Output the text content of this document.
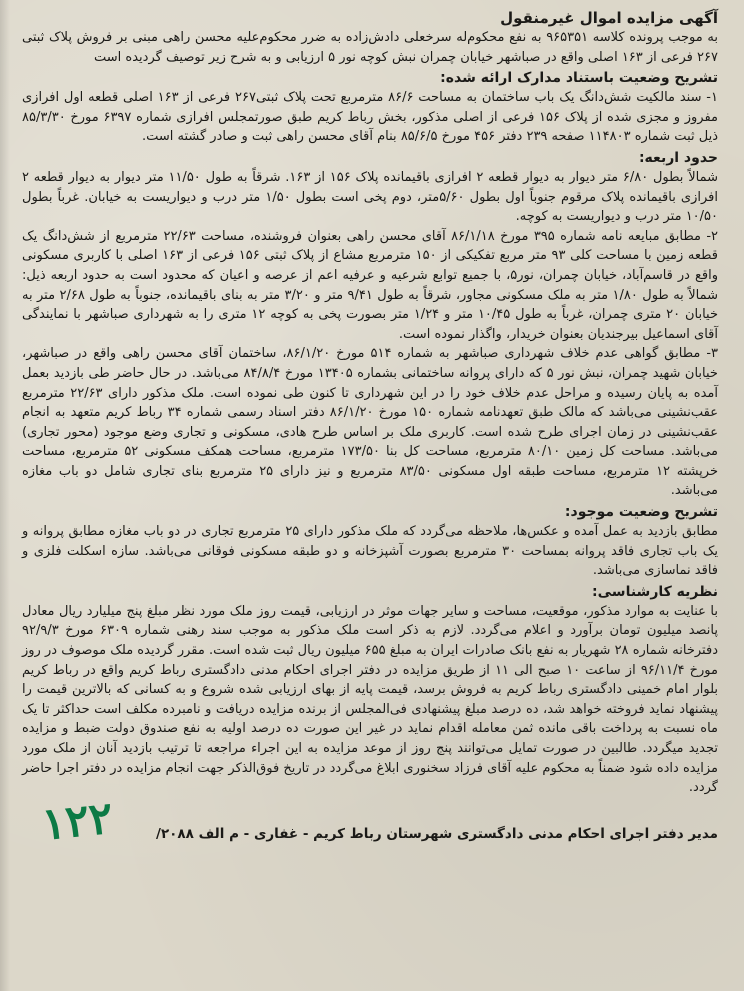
آگهی مزایده اموال غیرمنقول

به موجب پرونده کلاسه ۹۶۵۳۵۱ به نفع محکوم‌له سرخعلی دادش‌زاده به ضرر محکوم‌علیه محسن راهی مبنی بر فروش پلاک ثبتی ۲۶۷ فرعی از ۱۶۳ اصلی واقع در صباشهر خیابان چمران نبش کوچه نور ۵ ارزیابی و به شرح زیر توصیف گردیده است

تشریح وضعیت باستناد مدارک ارائه شده:

۱- سند مالکیت شش‌دانگ یک باب ساختمان به مساحت ۸۶/۶ مترمربع تحت پلاک ثبتی۲۶۷ فرعی از ۱۶۳ اصلی قطعه اول افرازی مفروز و مجزی شده از پلاک ۱۵۶ فرعی از اصلی مذکور، بخش رباط کریم طبق صورتمجلس افرازی شماره ۶۳۹۷ مورخ ۸۵/۳/۳۰ ذیل ثبت شماره ۱۱۴۸۰۳ صفحه ۲۳۹ دفتر ۴۵۶ مورخ ۸۵/۶/۵ بنام آقای محسن راهی ثبت و صادر گشته است.

حدود اربعه:

شمالاً بطول ۶/۸۰ متر دیوار به دیوار قطعه ۲ افرازی باقیمانده پلاک ۱۵۶ از ۱۶۳. شرقاً به طول ۱۱/۵۰ متر دیوار به دیوار قطعه ۲ افرازی باقیمانده پلاک مرقوم جنوباً اول بطول ۵/۶۰متر، دوم پخی است بطول ۱/۵۰ متر درب و دیواریست به خیابان. غرباً بطول ۱۰/۵۰ متر درب و دیواریست به کوچه.

۲- مطابق مبایعه نامه شماره ۳۹۵ مورخ ۸۶/۱/۱۸ آقای محسن راهی بعنوان فروشنده، مساحت ۲۲/۶۳ مترمربع از شش‌دانگ یک قطعه زمین با مساحت کلی ۹۳ متر مربع تفکیکی از ۱۵۰ مترمربع مشاع از پلاک ثبتی ۱۵۶ فرعی از ۱۶۳ اصلی با کاربری مسکونی واقع در قاسم‌آباد، خیابان چمران، نور۵، با جمیع توابع شرعیه و عرفیه اعم از عرصه و اعیان که محدود است به حدود اربعه ذیل: شمالاً به طول ۱/۸۰ متر به ملک مسکونی مجاور، شرقاً به طول ۹/۴۱ متر و ۳/۲۰ متر به بنای باقیمانده، جنوباً به طول ۲/۶۸ متر به خیابان ۲۰ متری چمران، غرباً به طول ۱۰/۴۵ متر و ۱/۲۴ متر بصورت پخی به کوچه ۱۲ متری را به شهرداری صباشهر با نمایندگی آقای اسماعیل بیرجندیان بعنوان خریدار، واگذار نموده است.

۳- مطابق گواهی عدم خلاف شهرداری صباشهر به شماره ۵۱۴ مورخ ۸۶/۱/۲۰، ساختمان آقای محسن راهی واقع در صباشهر، خیابان شهید چمران، نبش نور ۵ که دارای پروانه ساختمانی بشماره ۱۳۴۰۵ مورخ ۸۴/۸/۴ می‌باشد. در حال حاضر طی بازدید بعمل آمده به پایان رسیده و مراحل عدم خلاف خود را در این شهرداری تا کنون طی نموده است. ملک مذکور دارای ۲۲/۶۳ مترمربع عقب‌نشینی می‌باشد که مالک طبق تعهدنامه شماره ۱۵۰ مورخ ۸۶/۱/۲۰ دفتر اسناد رسمی شماره ۳۴ رباط کریم متعهد به انجام عقب‌نشینی در زمان اجرای طرح شده است. کاربری ملک بر اساس طرح هادی، مسکونی و تجاری وضع موجود (محور تجاری) می‌باشد. مساحت کل زمین ۸۰/۱۰ مترمربع، مساحت کل بنا ۱۷۳/۵۰ مترمربع، مساحت همکف مسکونی ۵۲ مترمربع، مساحت خرپشته ۱۲ مترمربع، مساحت طبقه اول مسکونی ۸۳/۵۰ مترمربع و نیز دارای ۲۵ مترمربع بنای تجاری شامل دو باب مغازه می‌باشد.

تشریح وضعیت موجود:

مطابق بازدید به عمل آمده و عکس‌ها، ملاحظه می‌گردد که ملک مذکور دارای ۲۵ مترمربع تجاری در دو باب مغازه مطابق پروانه و یک باب تجاری فاقد پروانه بمساحت ۳۰ مترمربع بصورت آشپزخانه و دو طبقه مسکونی فوقانی می‌باشد. سازه اسکلت فلزی و فاقد نماسازی می‌باشد.

نظریه کارشناسی:

با عنایت به موارد مذکور، موقعیت، مساحت و سایر جهات موثر در ارزیابی، قیمت روز ملک مورد نظر مبلغ پنج میلیارد ریال معادل پانصد میلیون تومان برآورد و اعلام می‌گردد. لازم به ذکر است ملک مذکور به موجب سند رهنی شماره ۶۳۰۹ مورخ ۹۲/۹/۳ دفترخانه شماره ۲۸ شهریار به نفع بانک صادرات ایران به مبلغ ۶۵۵ میلیون ریال ثبت شده است. مقرر گردیده ملک موصوف در روز مورخ ۹۶/۱۱/۴ از ساعت ۱۰ صبح الی ۱۱ از طریق مزایده در دفتر اجرای احکام مدنی دادگستری رباط کریم واقع در رباط کریم بلوار امام خمینی دادگستری رباط کریم به فروش برسد، قیمت پایه از بهای ارزیابی شده شروع و به کسانی که بالاترین قیمت را پیشنهاد نماید فروخته خواهد شد، ده درصد مبلغ پیشنهادی فی‌المجلس از برنده مزایده دریافت و نامبرده مکلف است حداکثر تا یک ماه نسبت به پرداخت باقی مانده ثمن معامله اقدام نماید در غیر این صورت ده درصد اولیه به نفع صندوق دولت ضبط و مزایده تجدید میگردد. طالبین در صورت تمایل می‌توانند پنج روز از موعد مزایده به این اجراء مراجعه تا ترتیب بازدید آنان از ملک مورد مزایده داده شود ضمناً به محکوم علیه آقای فرزاد سخنوری ابلاغ می‌گردد در تاریخ فوق‌الذکر جهت انجام مزایده در دفتر اجرا حاضر گردد.

مدیر دفتر اجرای احکام مدنی دادگستری شهرستان رباط کریم - غفاری - م الف ۲۰۸۸/
۱۲۲
